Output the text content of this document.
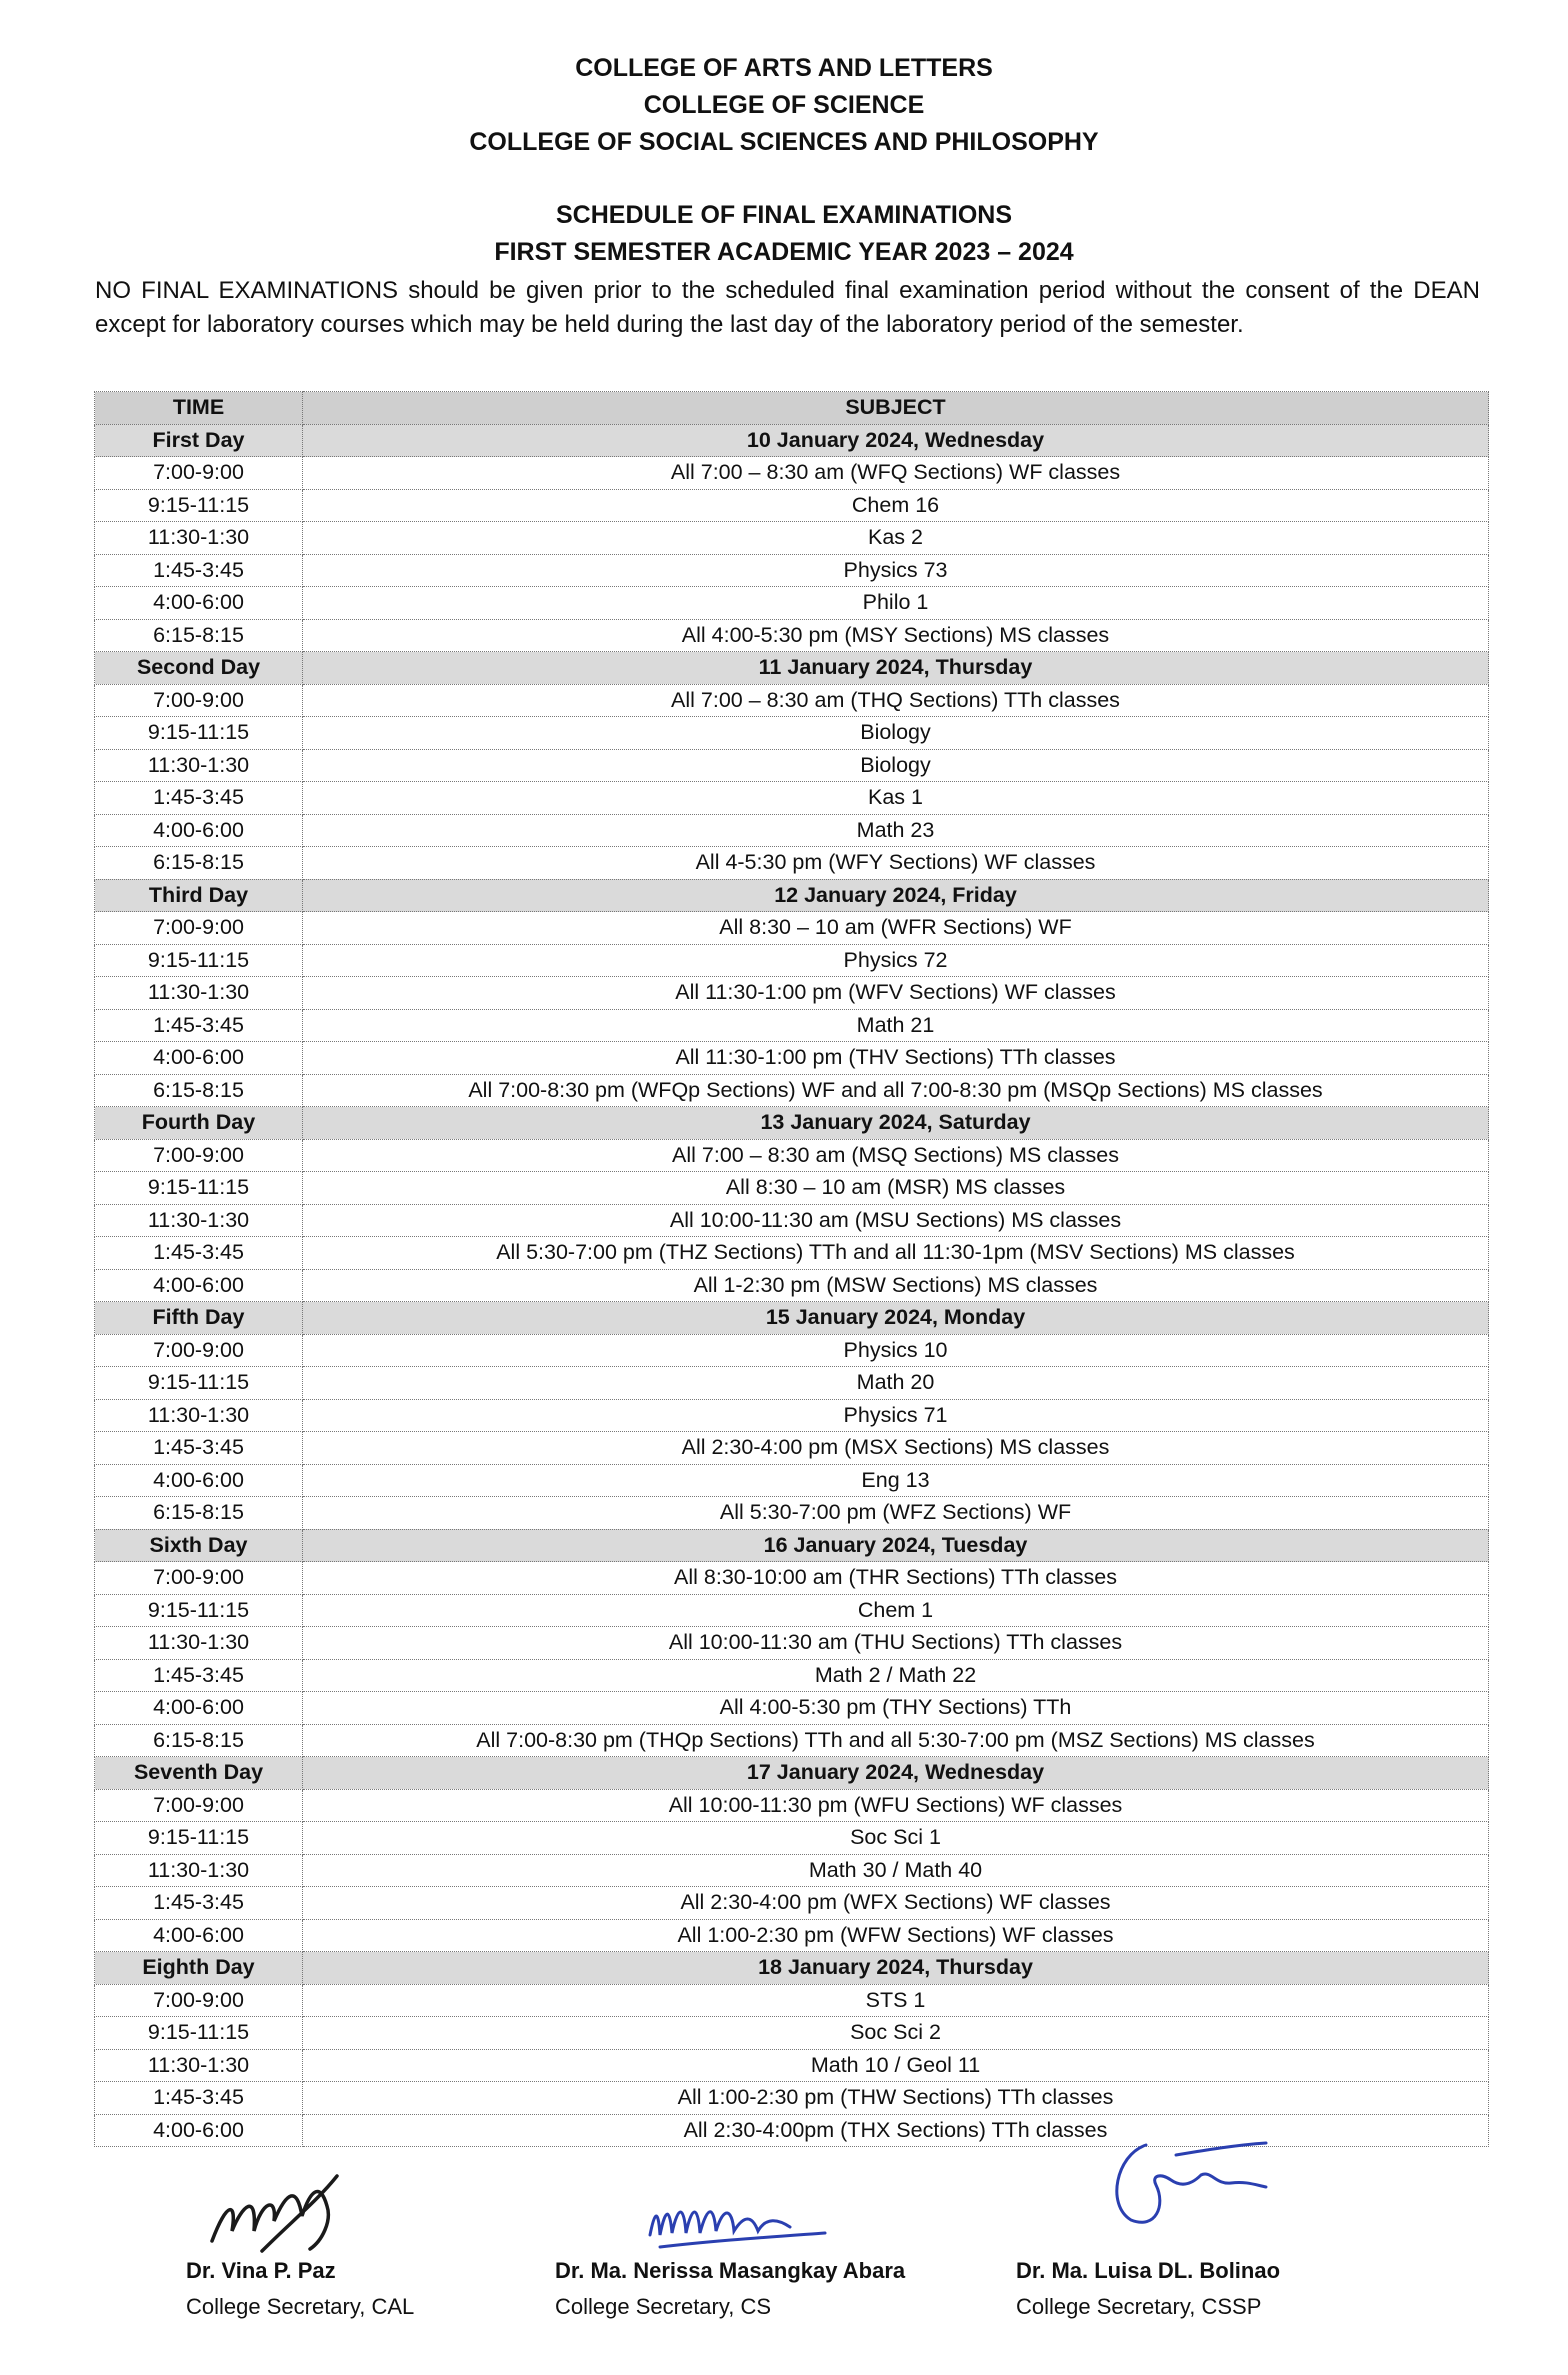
COLLEGE OF ARTS AND LETTERS
COLLEGE OF SCIENCE
COLLEGE OF SOCIAL SCIENCES AND PHILOSOPHY
SCHEDULE OF FINAL EXAMINATIONS
FIRST SEMESTER ACADEMIC YEAR 2023 – 2024
NO FINAL EXAMINATIONS should be given prior to the scheduled final examination period without the consent of the DEAN except for laboratory courses which may be held during the last day of the laboratory period of the semester.
TIME	SUBJECT
First Day	10 January 2024, Wednesday
7:00-9:00	All 7:00 – 8:30 am (WFQ Sections) WF classes
9:15-11:15	Chem 16
11:30-1:30	Kas 2
1:45-3:45	Physics 73
4:00-6:00	Philo 1
6:15-8:15	All 4:00-5:30 pm (MSY Sections) MS classes
Second Day	11 January 2024, Thursday
7:00-9:00	All 7:00 – 8:30 am (THQ Sections) TTh classes
9:15-11:15	Biology
11:30-1:30	Biology
1:45-3:45	Kas 1
4:00-6:00	Math 23
6:15-8:15	All 4-5:30 pm (WFY Sections) WF classes
Third Day	12 January 2024, Friday
7:00-9:00	All 8:30 – 10 am (WFR Sections) WF
9:15-11:15	Physics 72
11:30-1:30	All 11:30-1:00 pm (WFV Sections) WF classes
1:45-3:45	Math 21
4:00-6:00	All 11:30-1:00 pm (THV Sections) TTh classes
6:15-8:15	All 7:00-8:30 pm (WFQp Sections) WF and all 7:00-8:30 pm (MSQp Sections) MS classes
Fourth Day	13 January 2024, Saturday
7:00-9:00	All 7:00 – 8:30 am (MSQ Sections) MS classes
9:15-11:15	All 8:30 – 10 am (MSR) MS classes
11:30-1:30	All 10:00-11:30 am (MSU Sections) MS classes
1:45-3:45	All 5:30-7:00 pm (THZ Sections) TTh and all 11:30-1pm (MSV Sections) MS classes
4:00-6:00	All 1-2:30 pm (MSW Sections) MS classes
Fifth Day	15 January 2024, Monday
7:00-9:00	Physics 10
9:15-11:15	Math 20
11:30-1:30	Physics 71
1:45-3:45	All 2:30-4:00 pm (MSX Sections) MS classes
4:00-6:00	Eng 13
6:15-8:15	All 5:30-7:00 pm (WFZ Sections) WF
Sixth Day	16 January 2024, Tuesday
7:00-9:00	All 8:30-10:00 am (THR Sections) TTh classes
9:15-11:15	Chem 1
11:30-1:30	All 10:00-11:30 am (THU Sections) TTh classes
1:45-3:45	Math 2 / Math 22
4:00-6:00	All 4:00-5:30 pm (THY Sections) TTh
6:15-8:15	All 7:00-8:30 pm (THQp Sections) TTh and all 5:30-7:00 pm (MSZ Sections) MS classes
Seventh Day	17 January 2024, Wednesday
7:00-9:00	All 10:00-11:30 pm (WFU Sections) WF classes
9:15-11:15	Soc Sci 1
11:30-1:30	Math 30 / Math 40
1:45-3:45	All 2:30-4:00 pm (WFX Sections) WF classes
4:00-6:00	All 1:00-2:30 pm (WFW Sections) WF classes
Eighth Day	18 January 2024, Thursday
7:00-9:00	STS 1
9:15-11:15	Soc Sci 2
11:30-1:30	Math 10 / Geol 11
1:45-3:45	All 1:00-2:30 pm (THW Sections) TTh classes
4:00-6:00	All 2:30-4:00pm (THX Sections) TTh classes
Dr. Vina P. Paz
College Secretary, CAL
Dr. Ma. Nerissa Masangkay Abara
College Secretary, CS
Dr. Ma. Luisa DL. Bolinao
College Secretary, CSSP
